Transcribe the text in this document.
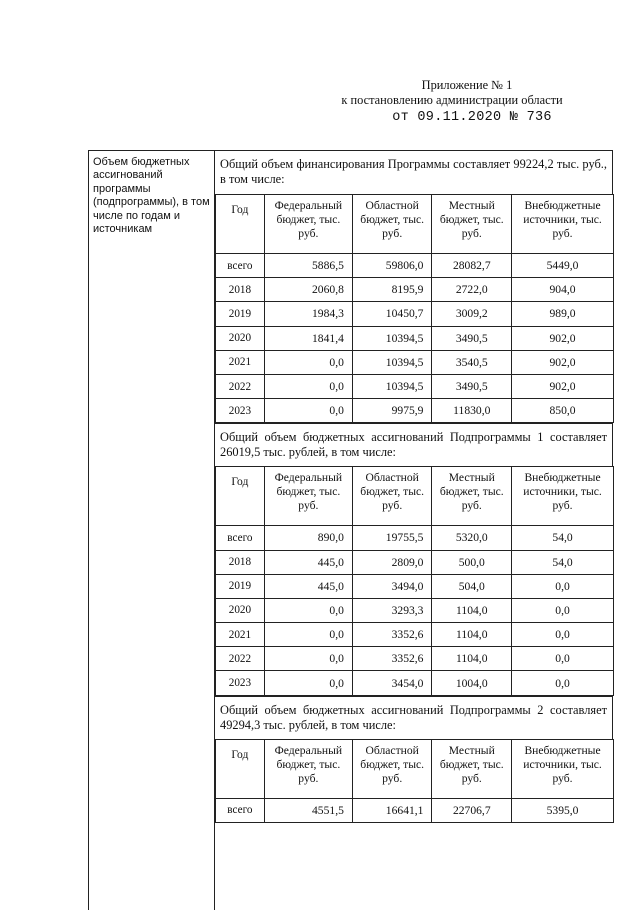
Приложение № 1
к постановлению администрации области
от 09.11.2020 № 736
Объем бюджетных ассигнований программы (подпрограммы), в том числе по годам и источникам
Общий объем финансирования Программы составляет 99224,2 тыс. руб., в том числе:
Год	Федеральный бюджет, тыс. руб.	Областной бюджет, тыс. руб.	Местный бюджет, тыс. руб.	Внебюджетные источники, тыс. руб.
всего	5886,5	59806,0	28082,7	5449,0
2018	2060,8	8195,9	2722,0	904,0
2019	1984,3	10450,7	3009,2	989,0
2020	1841,4	10394,5	3490,5	902,0
2021	0,0	10394,5	3540,5	902,0
2022	0,0	10394,5	3490,5	902,0
2023	0,0	9975,9	11830,0	850,0
Общий объем бюджетных ассигнований Подпрограммы 1 составляет 26019,5 тыс. рублей, в том числе:
Год	Федеральный бюджет, тыс. руб.	Областной бюджет, тыс. руб.	Местный бюджет, тыс. руб.	Внебюджетные источники, тыс. руб.
всего	890,0	19755,5	5320,0	54,0
2018	445,0	2809,0	500,0	54,0
2019	445,0	3494,0	504,0	0,0
2020	0,0	3293,3	1104,0	0,0
2021	0,0	3352,6	1104,0	0,0
2022	0,0	3352,6	1104,0	0,0
2023	0,0	3454,0	1004,0	0,0
Общий объем бюджетных ассигнований Подпрограммы 2 составляет 49294,3 тыс. рублей, в том числе:
Год	Федеральный бюджет, тыс. руб.	Областной бюджет, тыс. руб.	Местный бюджет, тыс. руб.	Внебюджетные источники, тыс. руб.
всего	4551,5	16641,1	22706,7	5395,0
